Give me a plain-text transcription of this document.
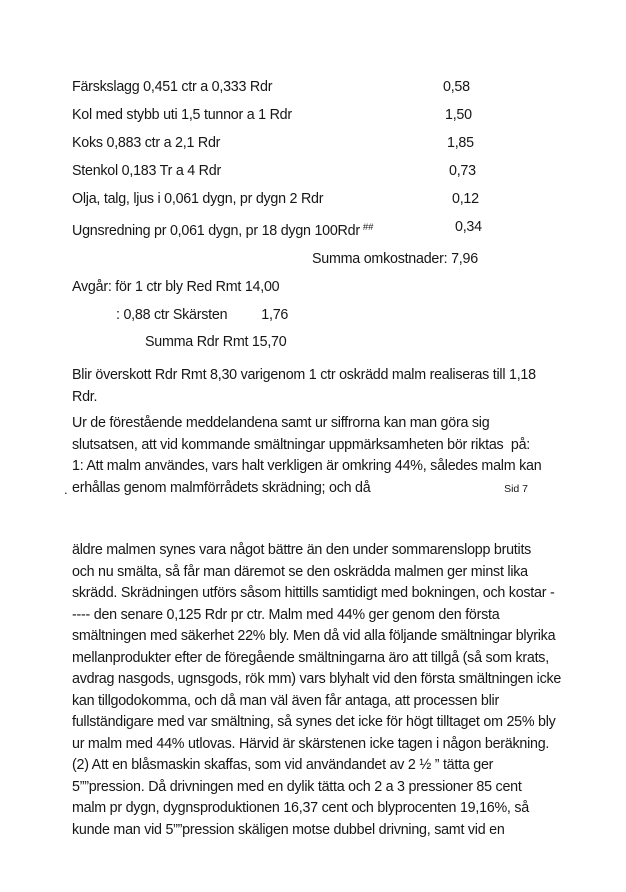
Färskslagg 0,451 ctr a 0,333 Rdr	0,58
Kol med stybb uti 1,5 tunnor a 1 Rdr	1,50
Koks 0,883 ctr a 2,1 Rdr	1,85
Stenkol 0,183 Tr a 4 Rdr	0,73
Olja, talg, ljus i 0,061 dygn, pr dygn 2 Rdr	0,12
Ugnsredning pr 0,061 dygn, pr 18 dygn 100Rdr ##	0,34
Summa omkostnader: 7,96
Avgår: för 1 ctr bly Red Rmt 14,00
: 0,88 ctr Skärsten 1,76
Summa Rdr Rmt 15,70
Blir överskott Rdr Rmt 8,30 varigenom 1 ctr oskrädd malm realiseras till 1,18
Rdr.
Ur de förestående meddelandena samt ur siffrorna kan man göra sig
slutsatsen, att vid kommande smältningar uppmärksamheten bör riktas  på:
1: Att malm användes, vars halt verkligen är omkring 44%, således malm kan
erhållas genom malmförrådets skrädning; och då
.	Sid 7
äldre malmen synes vara något bättre än den under sommarenslopp brutits
och nu smälta, så får man däremot se den oskrädda malmen ger minst lika
skrädd. Skrädningen utförs såsom hittills samtidigt med bokningen, och kostar -
---- den senare 0,125 Rdr pr ctr. Malm med 44% ger genom den första
smältningen med säkerhet 22% bly. Men då vid alla följande smältningar blyrika
mellanprodukter efter de föregående smältningarna äro att tillgå (så som krats,
avdrag nasgods, ugnsgods, rök mm) vars blyhalt vid den första smältningen icke
kan tillgodokomma, och då man väl även får antaga, att processen blir
fullständigare med var smältning, så synes det icke för högt tilltaget om 25% bly
ur malm med 44% utlovas. Härvid är skärstenen icke tagen i någon beräkning.
(2) Att en blåsmaskin skaffas, som vid användandet av 2 ½ ” tätta ger
5””pression. Då drivningen med en dylik tätta och 2 a 3 pressioner 85 cent
malm pr dygn, dygnsproduktionen 16,37 cent och blyprocenten 19,16%, så
kunde man vid 5””pression skäligen motse dubbel drivning, samt vid en
